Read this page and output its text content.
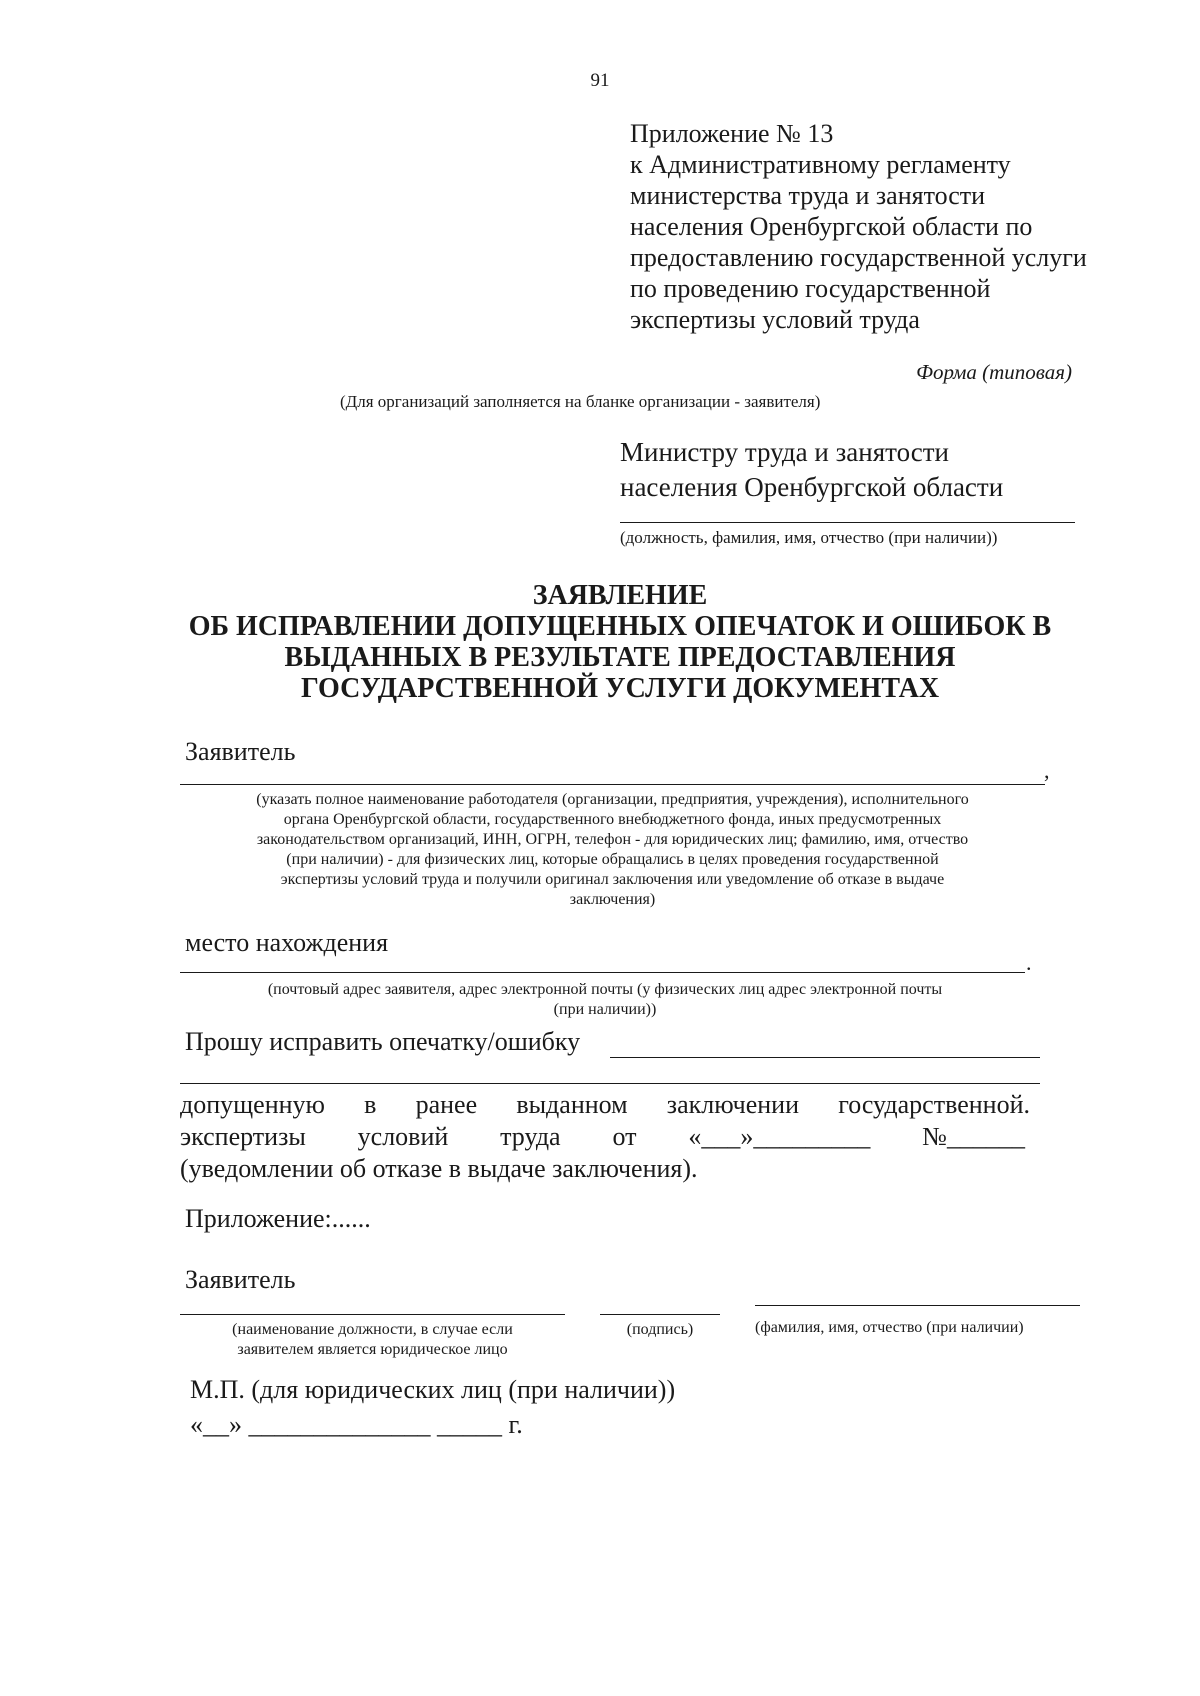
91
Приложение № 13
к Административному регламенту
министерства труда и занятости
населения Оренбургской области по
предоставлению государственной услуги
по проведению государственной
экспертизы условий труда
Форма (типовая)
(Для организаций заполняется на бланке организации - заявителя)
Министру труда и занятости
населения Оренбургской области
(должность, фамилия, имя, отчество (при наличии))
ЗАЯВЛЕНИЕ
ОБ ИСПРАВЛЕНИИ ДОПУЩЕННЫХ ОПЕЧАТОК И ОШИБОК В
ВЫДАННЫХ В РЕЗУЛЬТАТЕ ПРЕДОСТАВЛЕНИЯ
ГОСУДАРСТВЕННОЙ УСЛУГИ ДОКУМЕНТАХ
Заявитель
,
(указать полное наименование работодателя (организации, предприятия, учреждения), исполнительного
органа Оренбургской области, государственного внебюджетного фонда, иных предусмотренных
законодательством организаций, ИНН, ОГРН, телефон - для юридических лиц; фамилию, имя, отчество
(при наличии) - для физических лиц, которые обращались в целях проведения государственной
экспертизы условий труда и получили оригинал заключения или уведомление об отказе в выдаче
заключения)
место нахождения
.
(почтовый адрес заявителя, адрес электронной почты (у физических лиц адрес электронной почты
(при наличии))
Прошу исправить опечатку/ошибку
допущенную в ранее выданном заключении государственной.
экспертизы условий труда от «___»_________ №______
(уведомлении об отказе в выдаче заключения).
Приложение:......
Заявитель
(наименование должности, в случае если
заявителем является юридическое лицо
(подпись)	(фамилия, имя, отчество (при наличии)
М.П. (для юридических лиц (при наличии))
«__» ______________ _____ г.
